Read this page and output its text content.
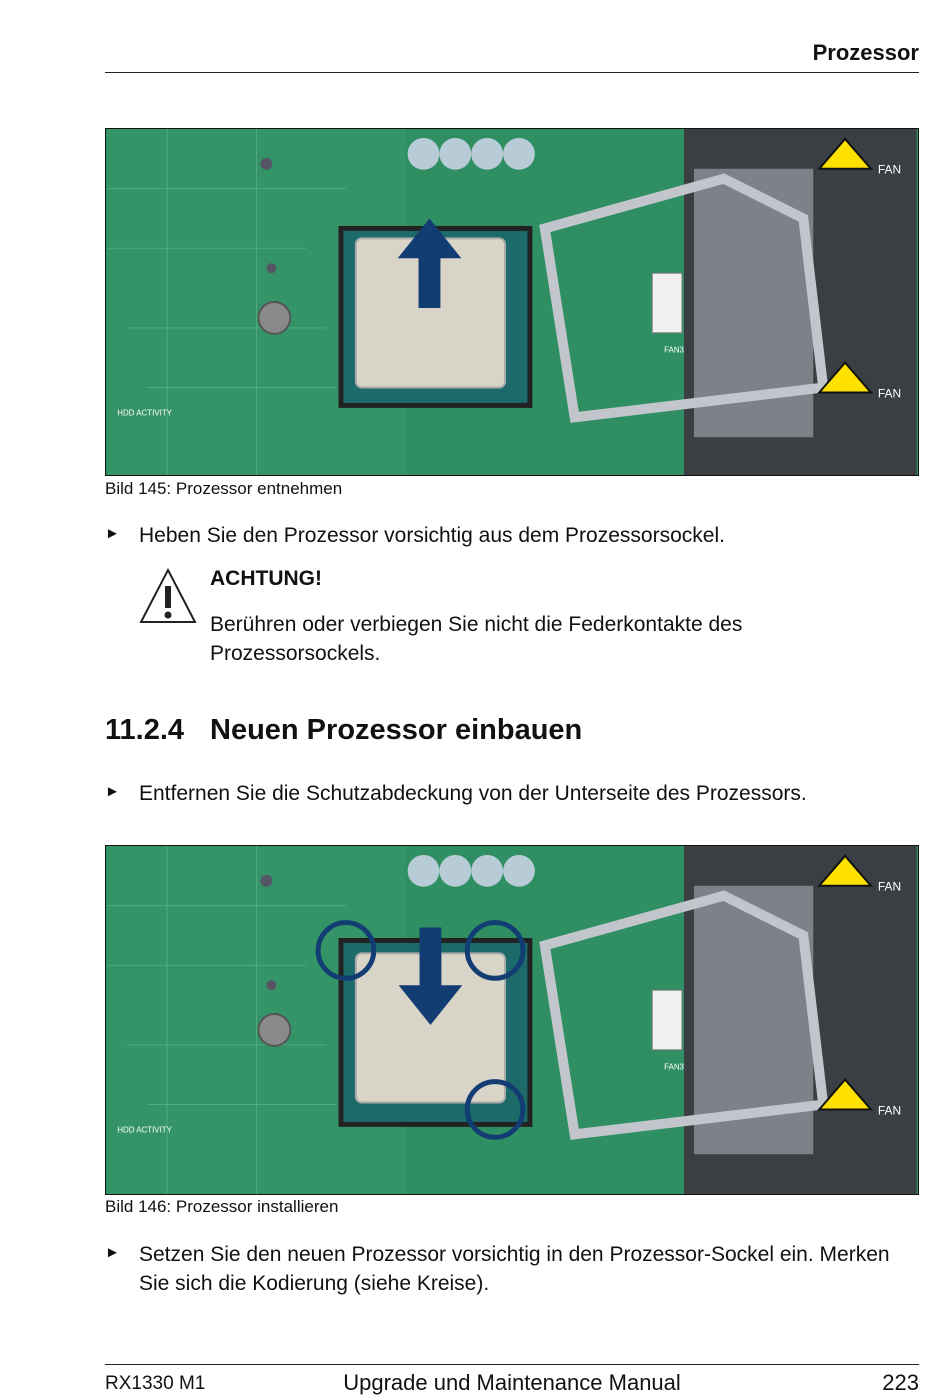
Prozessor
FAN3
FAN
FAN
HDD ACTIVITY
Bild 145: Prozessor entnehmen
► Heben Sie den Prozessor vorsichtig aus dem Prozessorsockel.
ACHTUNG!
Berühren oder verbiegen Sie nicht die Federkontakte des Prozessorsockels.
11.2.4 Neuen Prozessor einbauen
► Entfernen Sie die Schutzabdeckung von der Unterseite des Prozessors.
FAN3
FAN
FAN
HDD ACTIVITY
Bild 146: Prozessor installieren
► Setzen Sie den neuen Prozessor vorsichtig in den Prozessor-Sockel ein. Merken Sie sich die Kodierung (siehe Kreise).
RX1330 M1	Upgrade und Maintenance Manual	223
